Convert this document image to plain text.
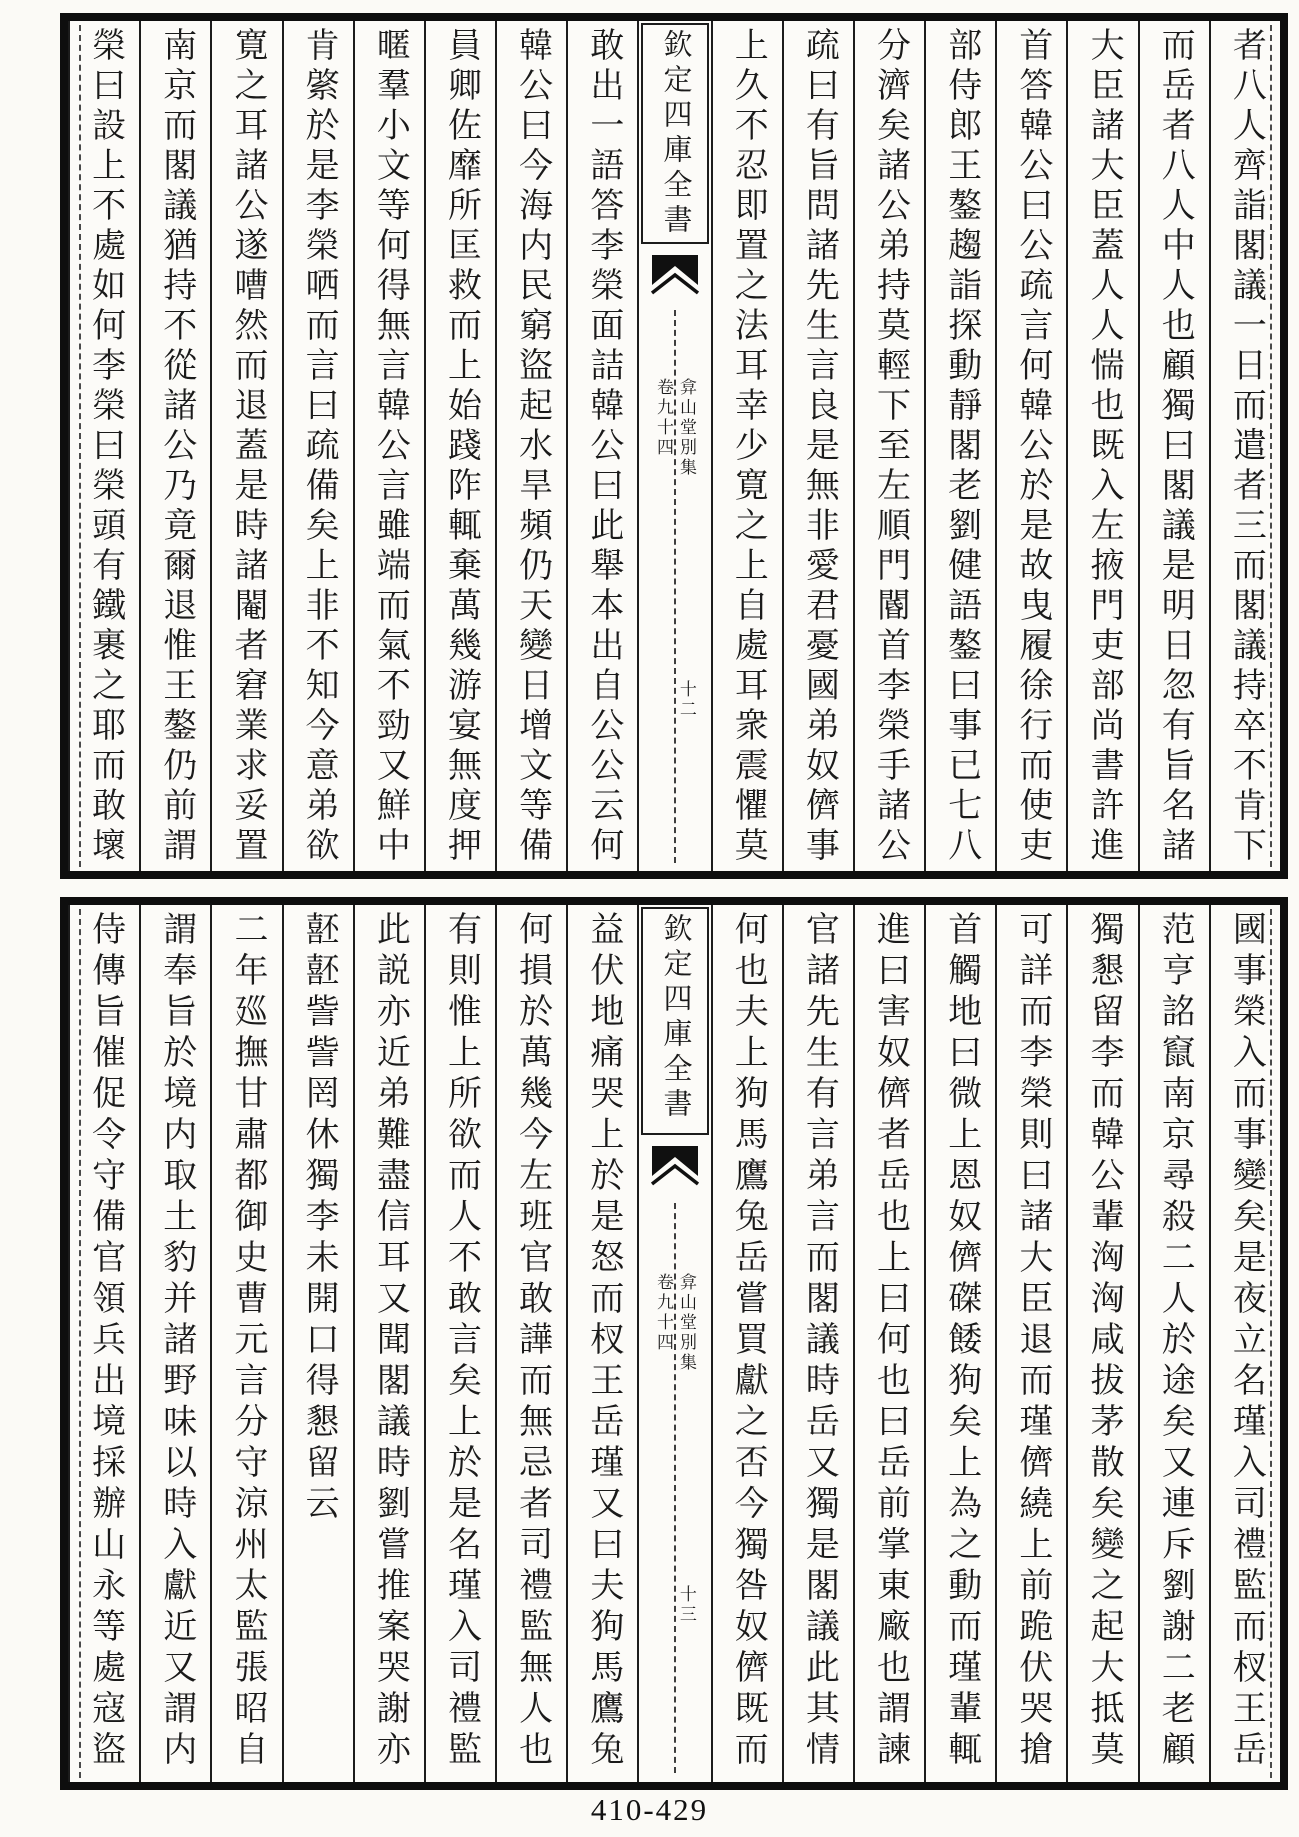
者八人齊詣閣議一日而遣者三而閣議持卒不肯下
而岳者八人中人也顧獨曰閣議是明日忽有旨名諸
大臣諸大臣蓋人人惴也既入左掖門吏部尚書許進
首答韓公曰公疏言何韓公於是故曳履徐行而使吏
部侍郎王鏊趨詣探動靜閣老劉健語鏊曰事已七八
分濟矣諸公弟持莫輕下至左順門閽首李榮手諸公
疏曰有旨問諸先生言良是無非愛君憂國弟奴儕事
上久不忍即置之法耳幸少寛之上自處耳衆震懼莫
欽定四庫全書
卷九十四 弇山堂別集
十二
敢出一語答李榮面詰韓公曰此舉本出自公公云何
韓公曰今海内民窮盜起水旱頻仍天變日增文等備
員卿佐靡所匡救而上始踐阼輒棄萬幾游宴無度押
暱羣小文等何得無言韓公言雖端而氣不勁又鮮中
肯綮於是李榮哂而言曰疏備矣上非不知今意弟欲
寛之耳諸公遂嘈然而退蓋是時諸閹者窘業求妥置
南京而閣議猶持不從諸公乃竟爾退惟王鏊仍前謂
榮曰設上不處如何李榮曰榮頭有鐵裹之耶而敢壞
國事榮入而事變矣是夜立名瑾入司禮監而杈王岳
范亨詺竄南京尋殺二人於途矣又連斥劉謝二老顧
獨懇留李而韓公輩洶洶咸拔茅散矣變之起大抵莫
可詳而李榮則曰諸大臣退而瑾儕繞上前跪伏哭搶
首觸地曰微上恩奴儕磔餧狗矣上為之動而瑾輩輒
進曰害奴儕者岳也上曰何也曰岳前掌東廠也謂諫
官諸先生有言弟言而閣議時岳又獨是閣議此其情
何也夫上狗馬鷹兔岳嘗買獻之否今獨咎奴儕既而
欽定四庫全書
卷九十四 弇山堂別集
十三
益伏地痛哭上於是怒而杈王岳瑾又曰夫狗馬鷹兔
何損於萬幾今左班官敢譁而無忌者司禮監無人也
有則惟上所欲而人不敢言矣上於是名瑾入司禮監
此説亦近弟難盡信耳又聞閣議時劉嘗推案哭謝亦
噽噽訾訾罔休獨李未開口得懇留云
二年廵撫甘肅都御史曹元言分守涼州太監張昭自
謂奉旨於境内取土豹并諸野味以時入獻近又謂内
侍傳旨催促令守備官領兵出境採辦山永等處寇盜
410-429
